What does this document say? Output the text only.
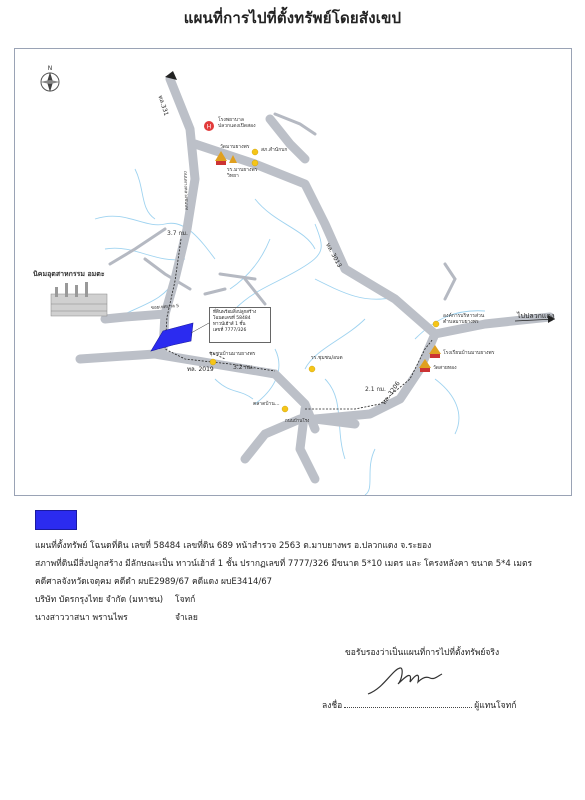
แผนที่การไปที่ตั้งทรัพย์โดยสังเขป
H
N
ทล.331
ทล. 3013
ทล. 2019
ทล. 3206
ไปปลวกแดง
ถนนทางหลวงชนบท
ซอยเทศบาล 5
ถนนบ้านโรง
3.7 กม.
3.2 กม.
2.1 กม.
โรงพยาบาล
ปลวกแดงเปิดสอง
วัดมาบยางพร สภ.สำนักบก
รร.มาบยางพร
วิทยา
นิคมอุตสาหกรรม อมตะ
ชุมชนบ้านมาบยางพร
รร.ชุมชน/อบต
องค์การบริหารส่วน
ตำบลมาบยางพร
โรงเรียนบ้านมาบยางพร
วัดสายทอง
ตลาดบ้าน...
ที่ดินพร้อมสิ่งปลูกสร้าง
โฉนดเลขที่ 58484
ทาวน์เฮ้าส์ 1 ชั้น
เลขที่ 7777/326
แผนที่ตั้งทรัพย์ โฉนดที่ดิน เลขที่ 58484 เลขที่ดิน 689 หน้าสำรวจ 2563 ต.มาบยางพร อ.ปลวกแดง จ.ระยอง
สภาพที่ดินมีสิ่งปลูกสร้าง มีลักษณะเป็น ทาวน์เฮ้าส์ 1 ชั้น ปรากฏเลขที่ 7777/326 มีขนาด 5*10 เมตร และ โครงหลังคา ขนาด 5*4 เมตร
คดีศาลจังหวัดเจตุคม คดีดำ ผบE2989/67 คดีแดง ผบE3414/67
บริษัท บัตรกรุงไทย จำกัด (มหาชน) โจทก์
นางสาววาสนา พรานไพร	จำเลย
ขอรับรองว่าเป็นแผนที่การไปที่ตั้งทรัพย์จริง
ลงชื่อ	ผู้แทนโจทก์
